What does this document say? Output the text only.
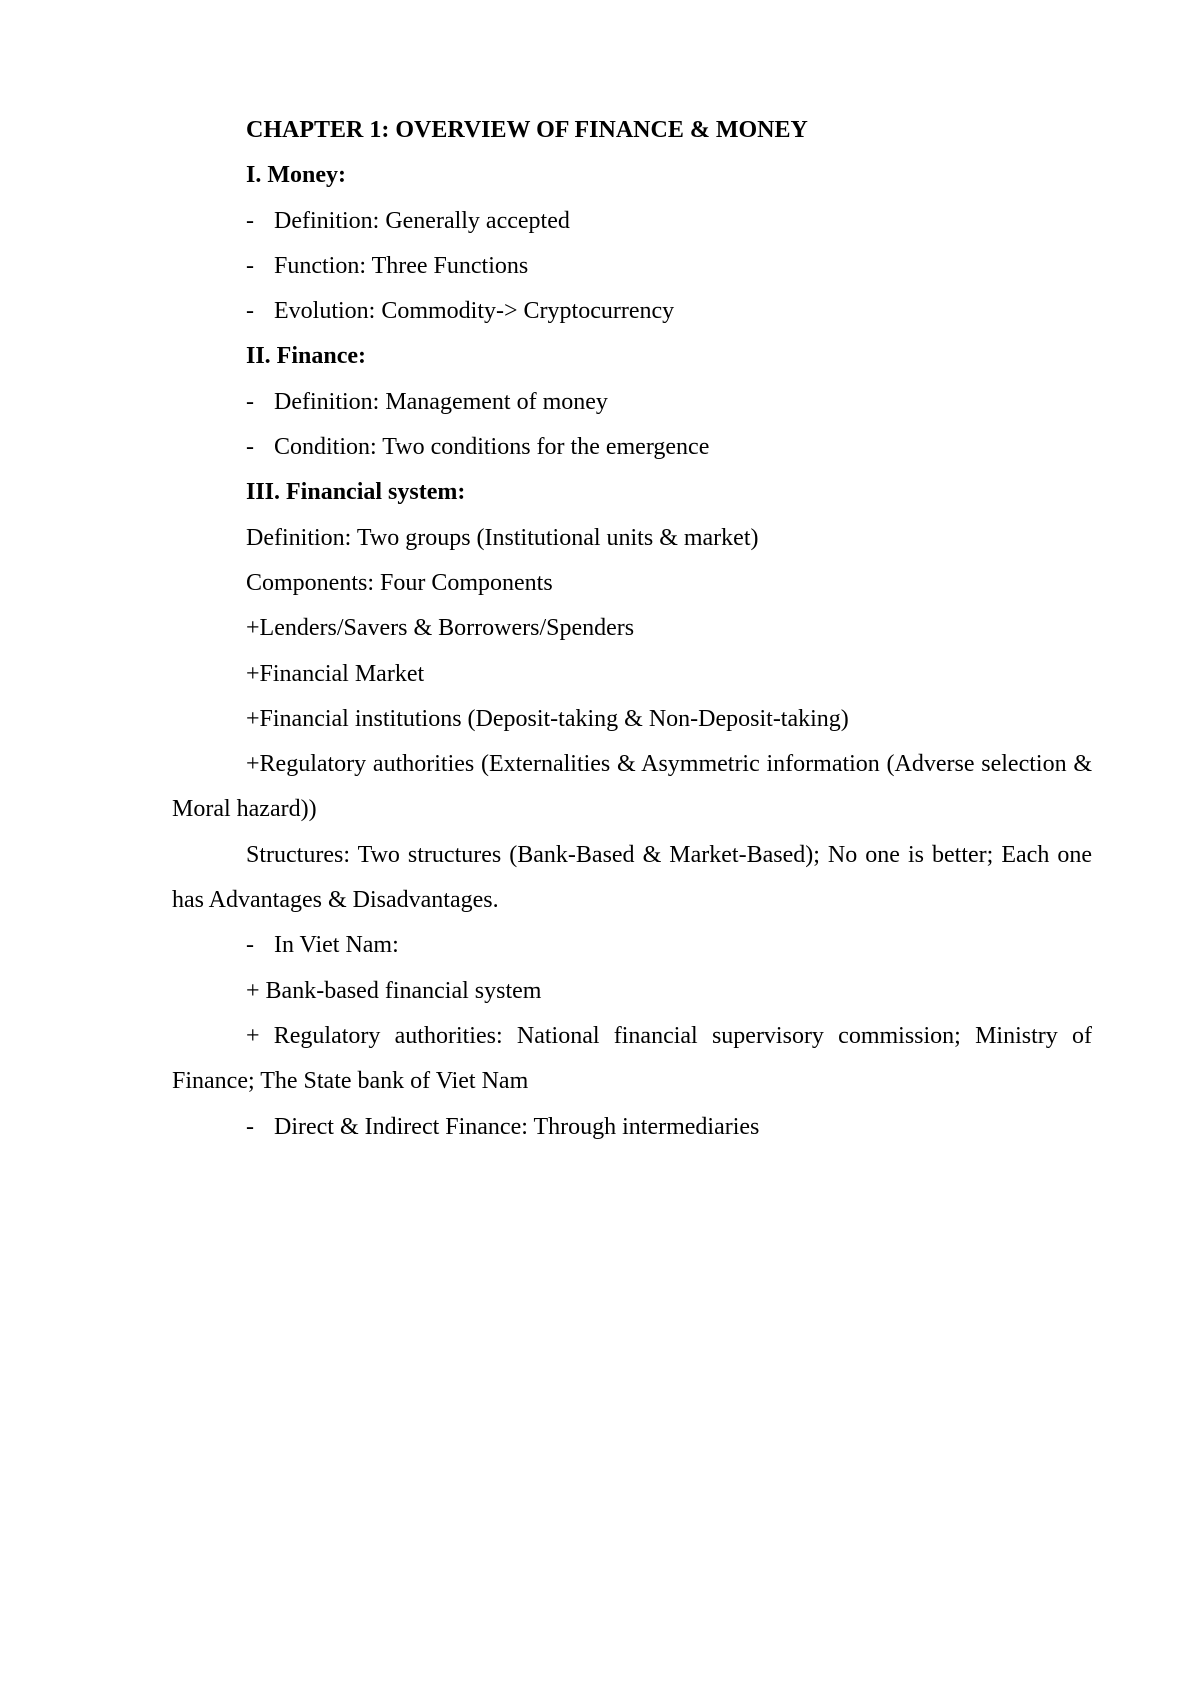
CHAPTER 1: OVERVIEW OF FINANCE & MONEY

I. Money:

- Definition: Generally accepted
- Function: Three Functions
- Evolution: Commodity-> Cryptocurrency

II. Finance:

- Definition: Management of money
- Condition: Two conditions for the emergence

III. Financial system:

Definition: Two groups (Institutional units & market)

Components: Four Components

+Lenders/Savers & Borrowers/Spenders

+Financial Market

+Financial institutions (Deposit-taking & Non-Deposit-taking)

+Regulatory authorities (Externalities & Asymmetric information (Adverse selection & Moral hazard))

Structures: Two structures (Bank-Based & Market-Based); No one is better; Each one has Advantages & Disadvantages.

- In Viet Nam:

+ Bank-based financial system

+ Regulatory authorities: National financial supervisory commission; Ministry of Finance; The State bank of Viet Nam

- Direct & Indirect Finance: Through intermediaries
